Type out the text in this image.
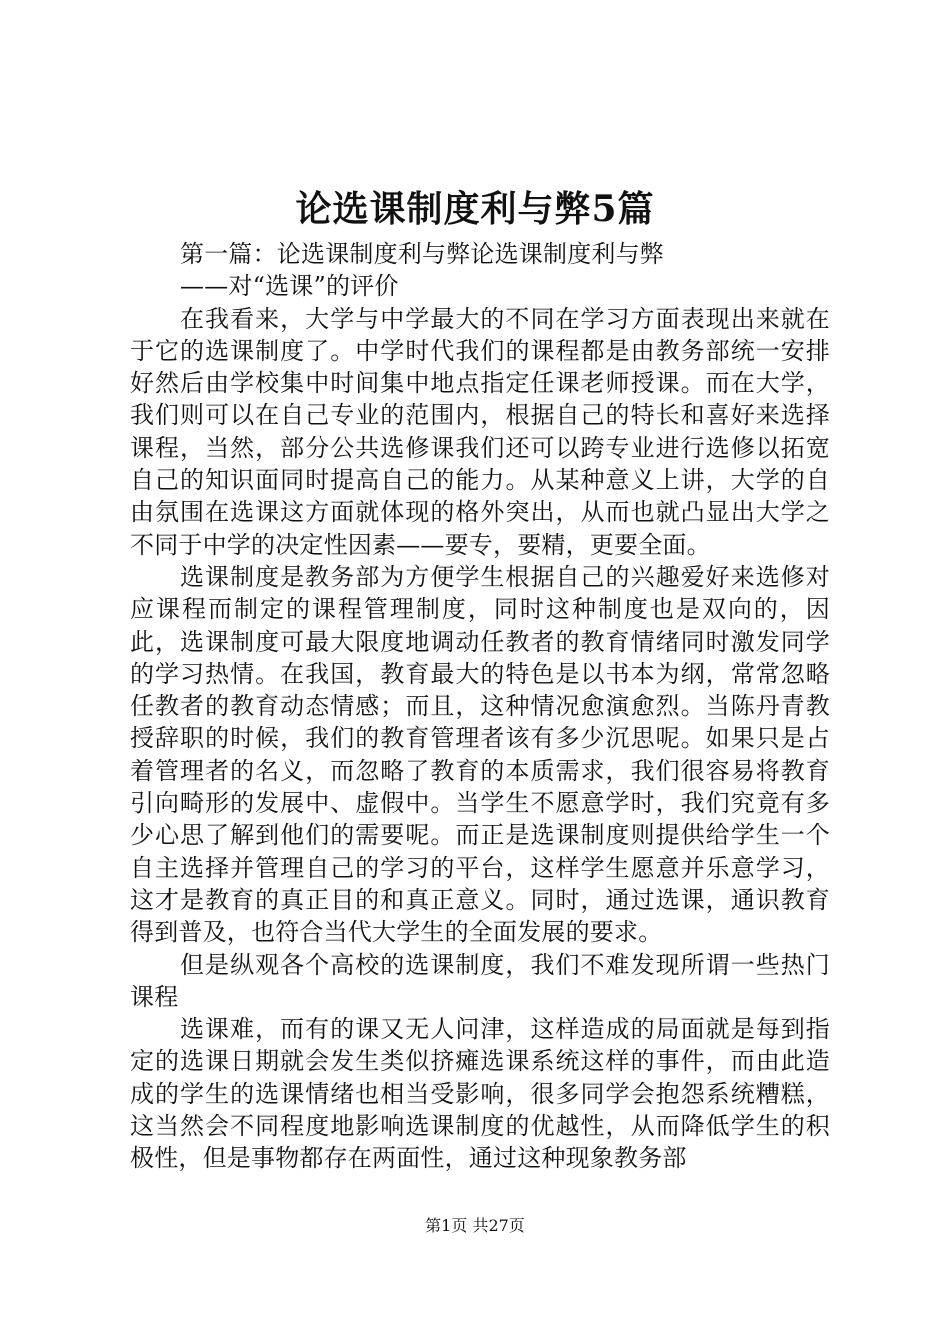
论选课制度利与弊5篇

第一篇：论选课制度利与弊论选课制度利与弊

——对“选课”的评价

在我看来，大学与中学最大的不同在学习方面表现出来就在于它的选课制度了。中学时代我们的课程都是由教务部统一安排好然后由学校集中时间集中地点指定任课老师授课。而在大学，我们则可以在自己专业的范围内，根据自己的特长和喜好来选择课程，当然，部分公共选修课我们还可以跨专业进行选修以拓宽自己的知识面同时提高自己的能力。从某种意义上讲，大学的自由氛围在选课这方面就体现的格外突出，从而也就凸显出大学之不同于中学的决定性因素——要专，要精，更要全面。

选课制度是教务部为方便学生根据自己的兴趣爱好来选修对应课程而制定的课程管理制度，同时这种制度也是双向的，因此，选课制度可最大限度地调动任教者的教育情绪同时激发同学的学习热情。在我国，教育最大的特色是以书本为纲，常常忽略任教者的教育动态情感；而且，这种情况愈演愈烈。当陈丹青教授辞职的时候，我们的教育管理者该有多少沉思呢。如果只是占着管理者的名义，而忽略了教育的本质需求，我们很容易将教育引向畸形的发展中、虚假中。当学生不愿意学时，我们究竟有多少心思了解到他们的需要呢。而正是选课制度则提供给学生一个自主选择并管理自己的学习的平台，这样学生愿意并乐意学习，这才是教育的真正目的和真正意义。同时，通过选课，通识教育得到普及，也符合当代大学生的全面发展的要求。

但是纵观各个高校的选课制度，我们不难发现所谓一些热门课程

选课难，而有的课又无人问津，这样造成的局面就是每到指定的选课日期就会发生类似挤瘫选课系统这样的事件，而由此造成的学生的选课情绪也相当受影响，很多同学会抱怨系统糟糕，这当然会不同程度地影响选课制度的优越性，从而降低学生的积极性，但是事物都存在两面性，通过这种现象教务部

第1页 共27页
